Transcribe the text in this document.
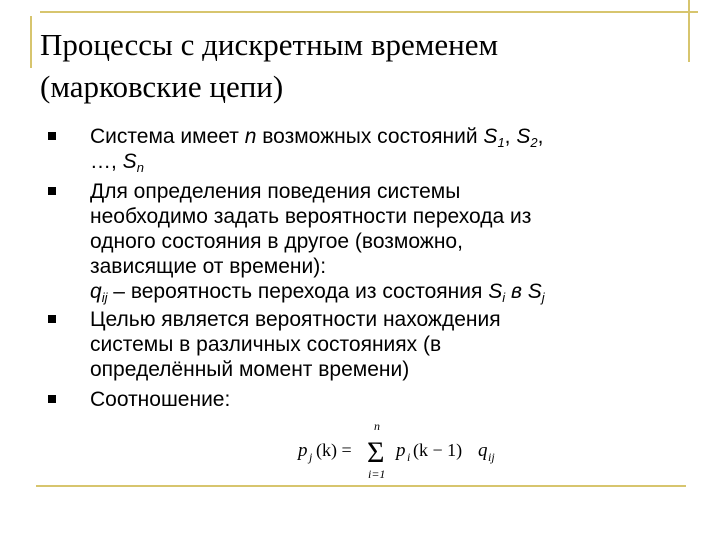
Процессы с дискретным временем
(марковские цепи)
Система имеет n возможных состояний $S_1$, $S_2$,
…, $S_n$
Для определения поведения системы
необходимо задать вероятности перехода из
одного состояния в другое (возможно,
зависящие от времени):
$q_{ij}$ – вероятность перехода из состояния $S_i$ в $S_j$
Целью является вероятности нахождения
системы в различных состояниях (в
определённый момент времени)
Соотношение:
p j (k) =
n
Σ
i=1
p i (k − 1) q ij
